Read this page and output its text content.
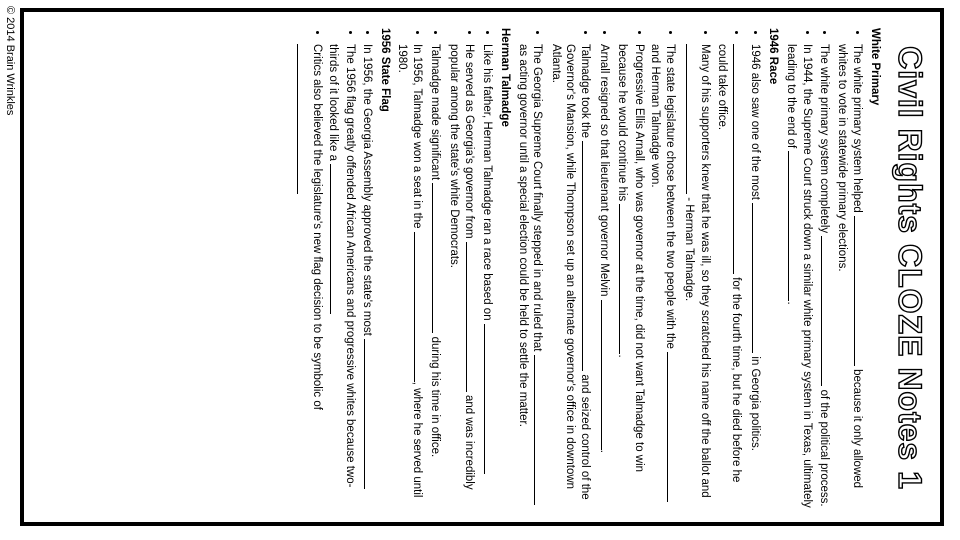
Civil Rights CLOZE Notes 1
White Primary
• The white primary system helped  because it only allowed whites to vote in statewide primary elections.
• The white primary system completely  of the political process.
• In 1944, the Supreme Court struck down a similar white primary system in Texas, ultimately leading to the end of .
1946 Race
• 1946 also saw one of the most  in Georgia politics.
• for the fourth time, but he died before he could take office.
• Many of his supporters knew that he was ill, so they scratched his name off the ballot and  - Herman Talmadge.
• The state legislature chose between the two people with the  and Herman Talmadge won.
• Progressive Ellis Arnall, who was governor at the time, did not want Talmadge to win because he would continue his .
• Arnall resigned so that lieutenant governor Melvin .
• Talmadge took the  and seized control of the Governor's Mansion, while Thompson set up an alternate governor's office in downtown Atlanta.
• The Georgia Supreme Court finally stepped in and ruled that  as acting governor until a special election could be held to settle the matter.
Herman Talmadge
• Like his father, Herman Talmadge ran a race based on
• He served as Georgia's governor from  and was incredibly popular among the state's white Democrats.
• Talmadge made significant  during his time in office.
• In 1956, Talmadge won a seat in the , where he served until 1980.
1956 State Flag
• In 1956, the Georgia Assembly approved the state's most
• The 1956 flag greatly offended African Americans and progressive whites because two-thirds of it looked like a
• Critics also believed the legislature's new flag decision to be symbolic of
© 2014 Brain Wrinkles
